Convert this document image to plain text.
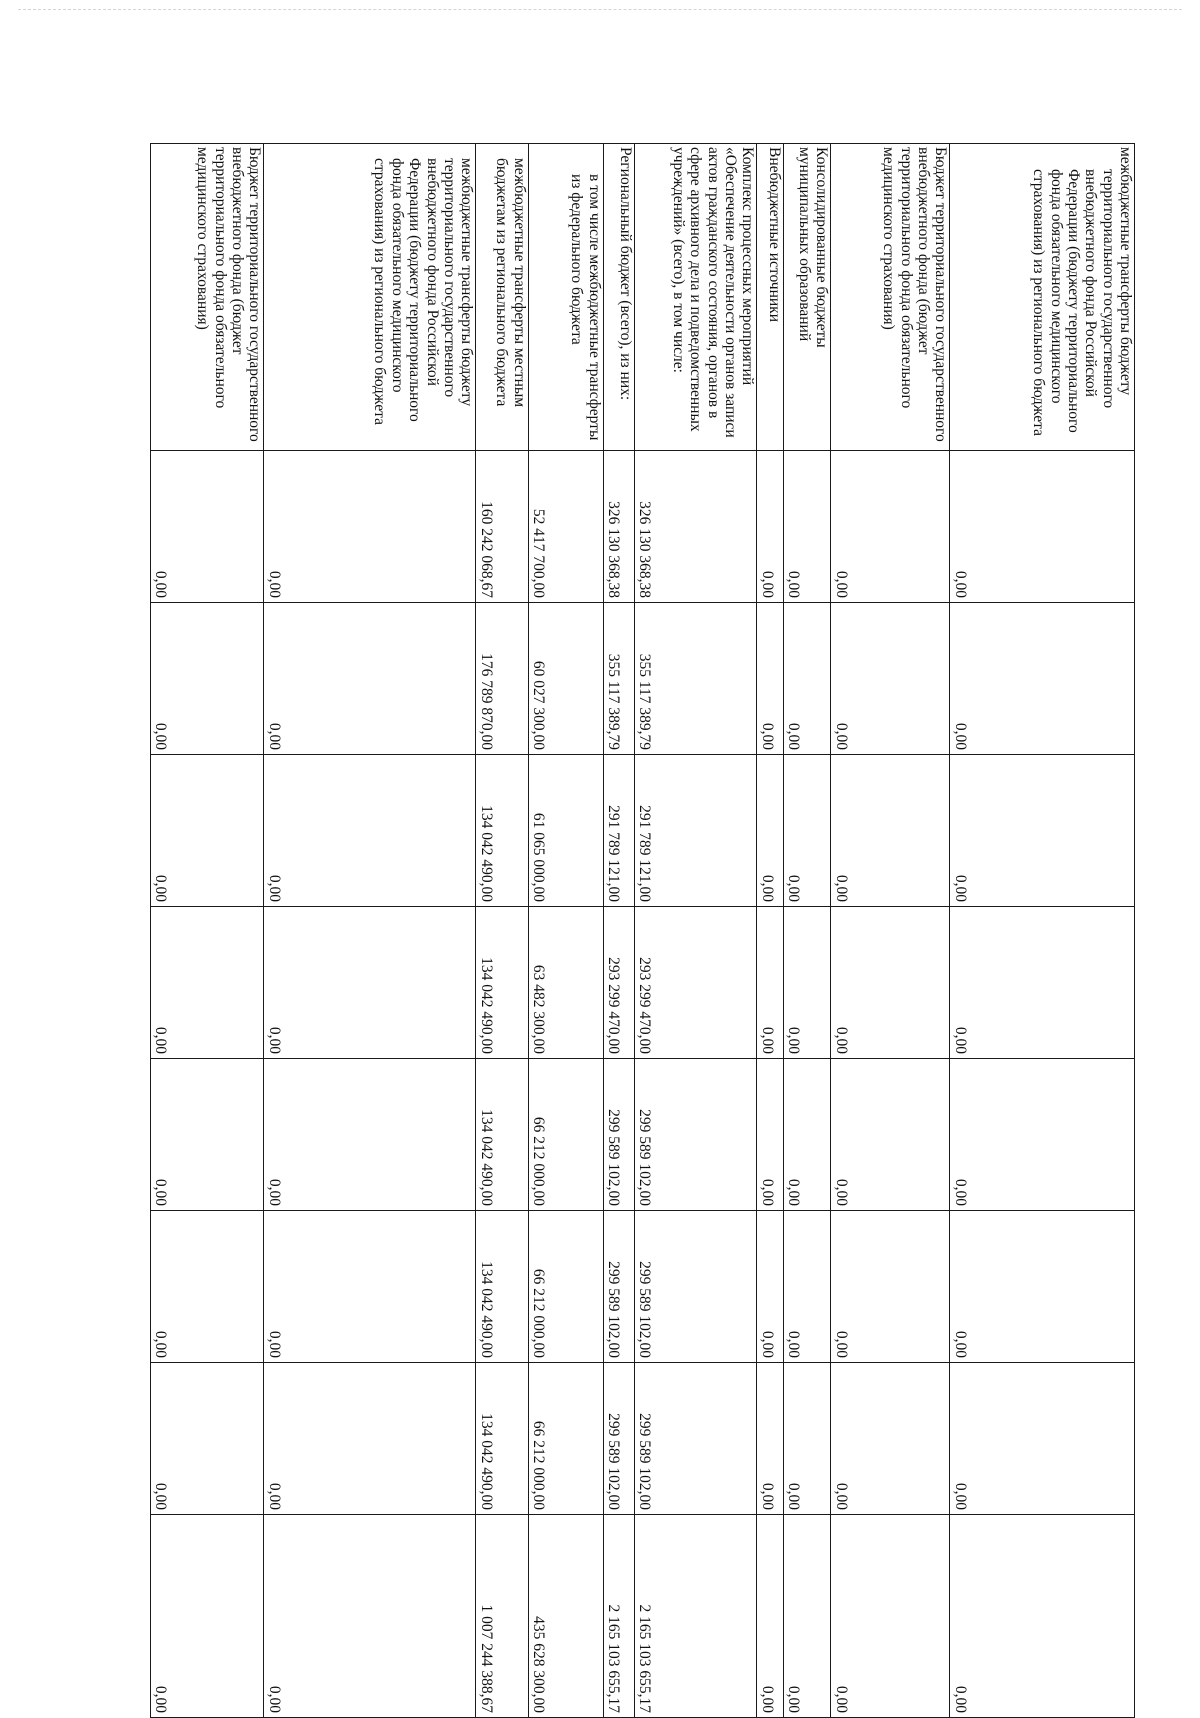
межбюджетные трансферты бюджету
территориального государственного внебюджетного фонда Российской Федерации (бюджету территориального фонда обязательного медицинского страхования) из регионального бюджета	0,00	0,00	0,00	0,00	0,00	0,00	0,00	0,00
Бюджет территориального государственного внебюджетного фонда (бюджет территориального фонда обязательного медицинского страхования)	0,00	0,00	0,00	0,00	0,00	0,00	0,00	0,00
Консолидированные бюджеты муниципальных образований	0,00	0,00	0,00	0,00	0,00	0,00	0,00	0,00
Внебюджетные источники	0,00	0,00	0,00	0,00	0,00	0,00	0,00	0,00
Комплекс процессных мероприятий «Обеспечение деятельности органов записи актов гражданского состояния, органов в сфере архивного дела и подведомственных учреждений» (всего), в том числе:	326 130 368,38	355 117 389,79	291 789 121,00	293 299 470,00	299 589 102,00	299 589 102,00	299 589 102,00	2 165 103 655,17
Региональный бюджет (всего), из них:	326 130 368,38	355 117 389,79	291 789 121,00	293 299 470,00	299 589 102,00	299 589 102,00	299 589 102,00	2 165 103 655,17
в том числе межбюджетные трансферты из федерального бюджета	52 417 700,00	60 027 300,00	61 065 000,00	63 482 300,00	66 212 000,00	66 212 000,00	66 212 000,00	435 628 300,00
межбюджетные трансферты местным бюджетам из регионального бюджета	160 242 068,67	176 789 870,00	134 042 490,00	134 042 490,00	134 042 490,00	134 042 490,00	134 042 490,00	1 007 244 388,67
межбюджетные трансферты бюджету территориального государственного внебюджетного фонда Российской Федерации (бюджету территориального фонда обязательного медицинского страхования) из регионального бюджета	0,00	0,00	0,00	0,00	0,00	0,00	0,00	0,00
Бюджет территориального государственного внебюджетного фонда (бюджет территориального фонда обязательного медицинского страхования)	0,00	0,00	0,00	0,00	0,00	0,00	0,00	0,00
